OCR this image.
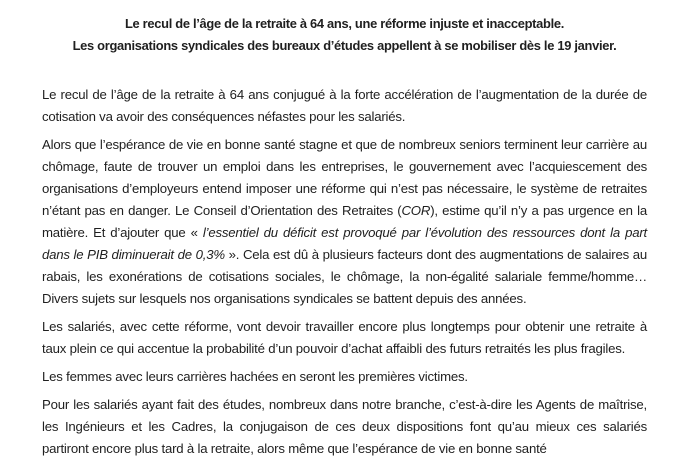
Le recul de l’âge de la retraite à 64 ans, une réforme injuste et inacceptable.
Les organisations syndicales des bureaux d’études appellent à se mobiliser dès le 19 janvier.

Le recul de l’âge de la retraite à 64 ans conjugué à la forte accélération de l’augmentation de la durée de cotisation va avoir des conséquences néfastes pour les salariés.

Alors que l’espérance de vie en bonne santé stagne et que de nombreux seniors terminent leur carrière au chômage, faute de trouver un emploi dans les entreprises, le gouvernement avec l’acquiescement des organisations d’employeurs entend imposer une réforme qui n’est pas nécessaire, le système de retraites n’étant pas en danger. Le Conseil d’Orientation des Retraites (COR), estime qu’il n’y a pas urgence en la matière. Et d’ajouter que « l’essentiel du déficit est provoqué par l’évolution des ressources dont la part dans le PIB diminuerait de 0,3% ». Cela est dû à plusieurs facteurs dont des augmentations de salaires au rabais, les exonérations de cotisations sociales, le chômage, la non-égalité salariale femme/homme… Divers sujets sur lesquels nos organisations syndicales se battent depuis des années.

Les salariés, avec cette réforme, vont devoir travailler encore plus longtemps pour obtenir une retraite à taux plein ce qui accentue la probabilité d’un pouvoir d’achat affaibli des futurs retraités les plus fragiles.

Les femmes avec leurs carrières hachées en seront les premières victimes.

Pour les salariés ayant fait des études, nombreux dans notre branche, c’est-à-dire les Agents de maîtrise, les Ingénieurs et les Cadres, la conjugaison de ces deux dispositions font qu’au mieux ces salariés partiront encore plus tard à la retraite, alors même que l’espérance de vie en bonne santé
